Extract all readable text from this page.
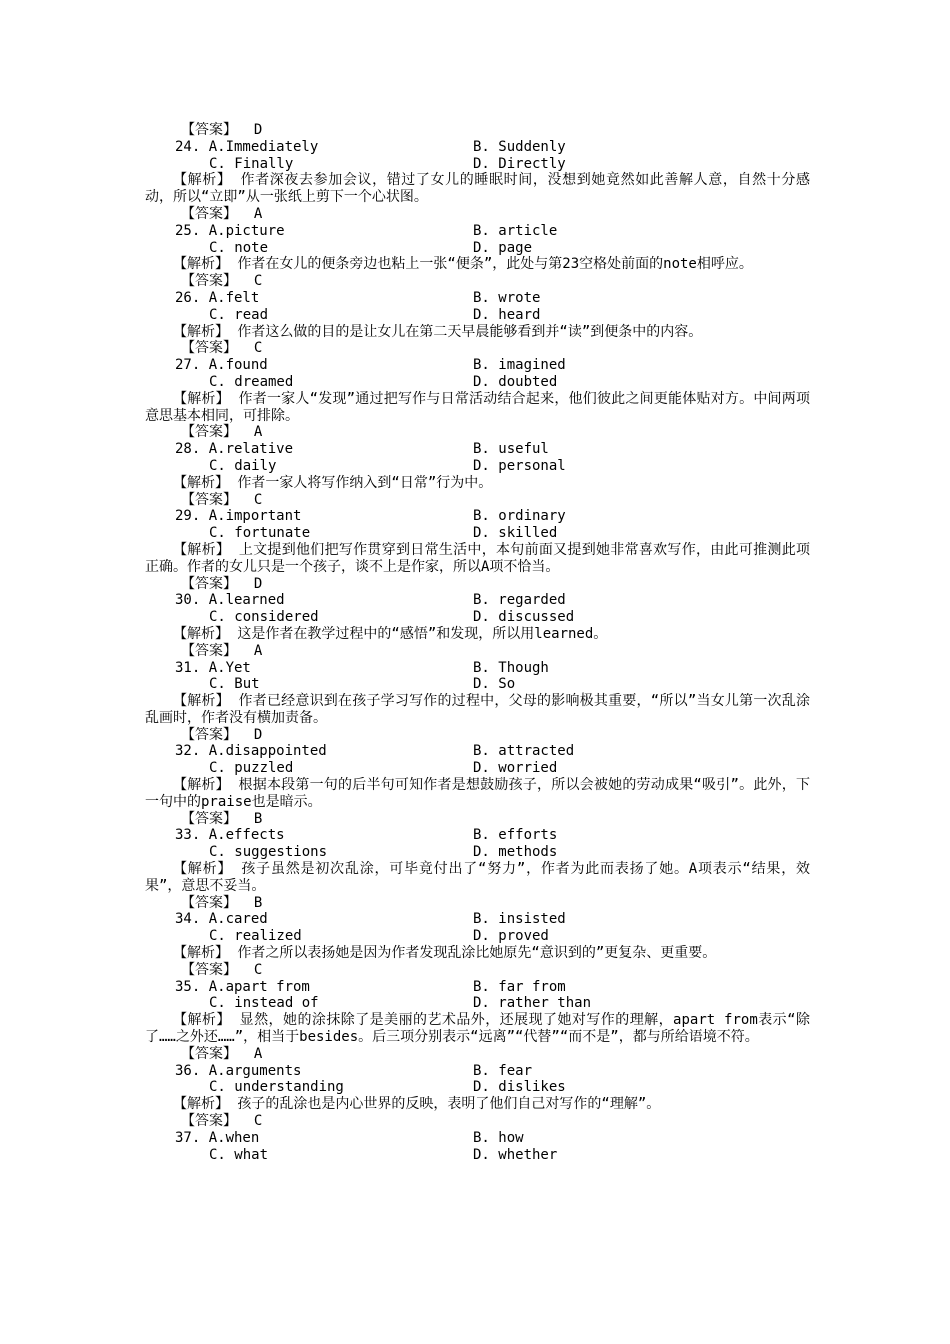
【答案】  D
24. A.Immediately	B. Suddenly
C. Finally	D. Directly
【解析】 作者深夜去参加会议，错过了女儿的睡眠时间，没想到她竟然如此善解人意，自然十分感动，所以“立即”从一张纸上剪下一个心状图。
【答案】  A
25. A.picture	B. article
C. note	D. page
【解析】 作者在女儿的便条旁边也粘上一张“便条”，此处与第23空格处前面的note相呼应。
【答案】  C
26. A.felt	B. wrote
C. read	D. heard
【解析】 作者这么做的目的是让女儿在第二天早晨能够看到并“读”到便条中的内容。
【答案】  C
27. A.found	B. imagined
C. dreamed	D. doubted
【解析】 作者一家人“发现”通过把写作与日常活动结合起来，他们彼此之间更能体贴对方。中间两项意思基本相同，可排除。
【答案】  A
28. A.relative	B. useful
C. daily	D. personal
【解析】 作者一家人将写作纳入到“日常”行为中。
【答案】  C
29. A.important	B. ordinary
C. fortunate	D. skilled
【解析】 上文提到他们把写作贯穿到日常生活中，本句前面又提到她非常喜欢写作，由此可推测此项正确。作者的女儿只是一个孩子，谈不上是作家，所以A项不恰当。
【答案】  D
30. A.learned	B. regarded
C. considered	D. discussed
【解析】 这是作者在教学过程中的“感悟”和发现，所以用learned。
【答案】  A
31. A.Yet	B. Though
C. But	D. So
【解析】 作者已经意识到在孩子学习写作的过程中，父母的影响极其重要，“所以”当女儿第一次乱涂乱画时，作者没有横加责备。
【答案】  D
32. A.disappointed	B. attracted
C. puzzled	D. worried
【解析】 根据本段第一句的后半句可知作者是想鼓励孩子，所以会被她的劳动成果“吸引”。此外，下一句中的praise也是暗示。
【答案】  B
33. A.effects	B. efforts
C. suggestions	D. methods
【解析】 孩子虽然是初次乱涂，可毕竟付出了“努力”，作者为此而表扬了她。A项表示“结果，效果”，意思不妥当。
【答案】  B
34. A.cared	B. insisted
C. realized	D. proved
【解析】 作者之所以表扬她是因为作者发现乱涂比她原先“意识到的”更复杂、更重要。
【答案】  C
35. A.apart from	B. far from
C. instead of	D. rather than
【解析】 显然，她的涂抹除了是美丽的艺术品外，还展现了她对写作的理解，apart from表示“除了……之外还……”，相当于besides。后三项分别表示“远离”“代替”“而不是”，都与所给语境不符。
【答案】  A
36. A.arguments	B. fear
C. understanding	D. dislikes
【解析】 孩子的乱涂也是内心世界的反映，表明了他们自己对写作的“理解”。
【答案】  C
37. A.when	B. how
C. what	D. whether
